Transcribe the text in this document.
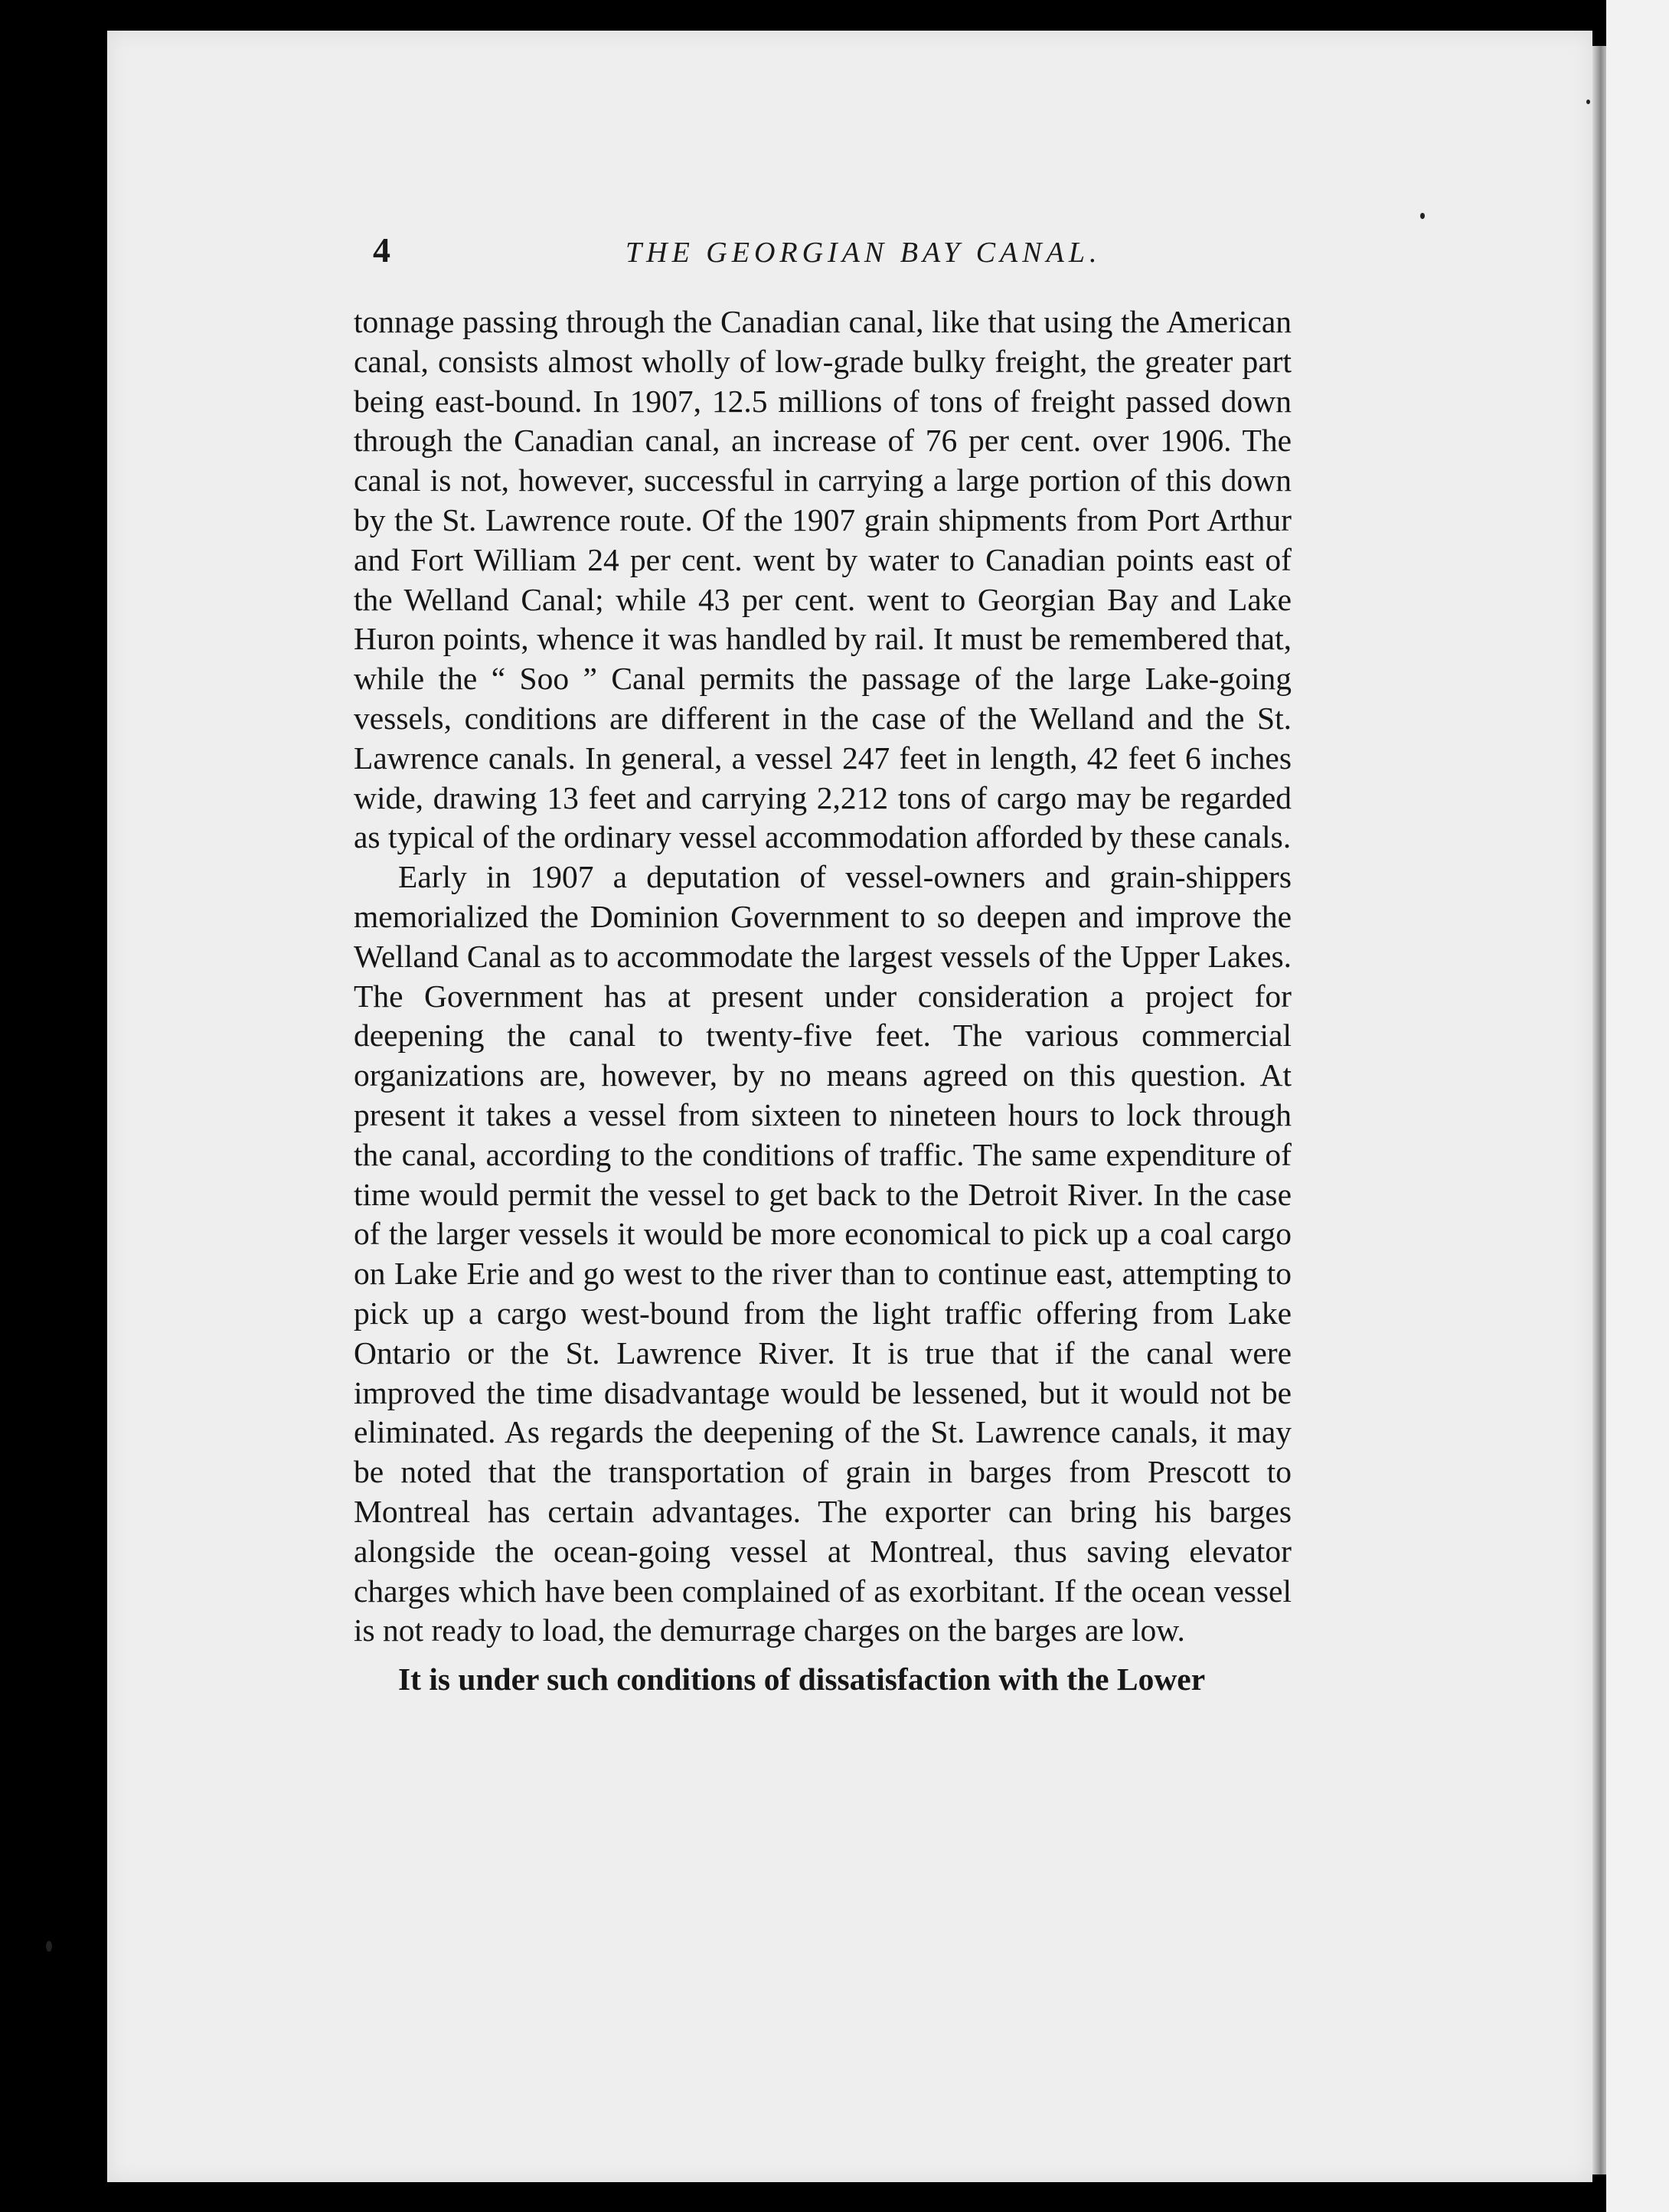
4	THE GEORGIAN BAY CANAL.

tonnage passing through the Canadian canal, like that using the American canal, consists almost wholly of low-grade bulky freight, the greater part being east-bound. In 1907, 12.5 millions of tons of freight passed down through the Canadian canal, an increase of 76 per cent. over 1906. The canal is not, however, successful in carrying a large portion of this down by the St. Lawrence route. Of the 1907 grain shipments from Port Arthur and Fort William 24 per cent. went by water to Canadian points east of the Welland Canal; while 43 per cent. went to Georgian Bay and Lake Huron points, whence it was handled by rail. It must be remembered that, while the “ Soo ” Canal permits the passage of the large Lake-going vessels, conditions are different in the case of the Welland and the St. Lawrence canals. In general, a vessel 247 feet in length, 42 feet 6 inches wide, drawing 13 feet and carrying 2,212 tons of cargo may be regarded as typical of the ordinary vessel accommodation afforded by these canals.

Early in 1907 a deputation of vessel-owners and grain-shippers memorialized the Dominion Government to so deepen and improve the Welland Canal as to accommodate the largest vessels of the Upper Lakes. The Government has at present under consideration a project for deepening the canal to twenty-five feet. The various commercial organizations are, however, by no means agreed on this question. At present it takes a vessel from sixteen to nineteen hours to lock through the canal, according to the conditions of traffic. The same expenditure of time would permit the vessel to get back to the Detroit River. In the case of the larger vessels it would be more economical to pick up a coal cargo on Lake Erie and go west to the river than to continue east, attempting to pick up a cargo west-bound from the light traffic offering from Lake Ontario or the St. Lawrence River. It is true that if the canal were improved the time disadvantage would be lessened, but it would not be eliminated. As regards the deepening of the St. Lawrence canals, it may be noted that the transportation of grain in barges from Prescott to Montreal has certain advantages. The exporter can bring his barges alongside the ocean-going vessel at Montreal, thus saving elevator charges which have been complained of as exorbitant. If the ocean vessel is not ready to load, the demurrage charges on the barges are low.

It is under such conditions of dissatisfaction with the Lower
